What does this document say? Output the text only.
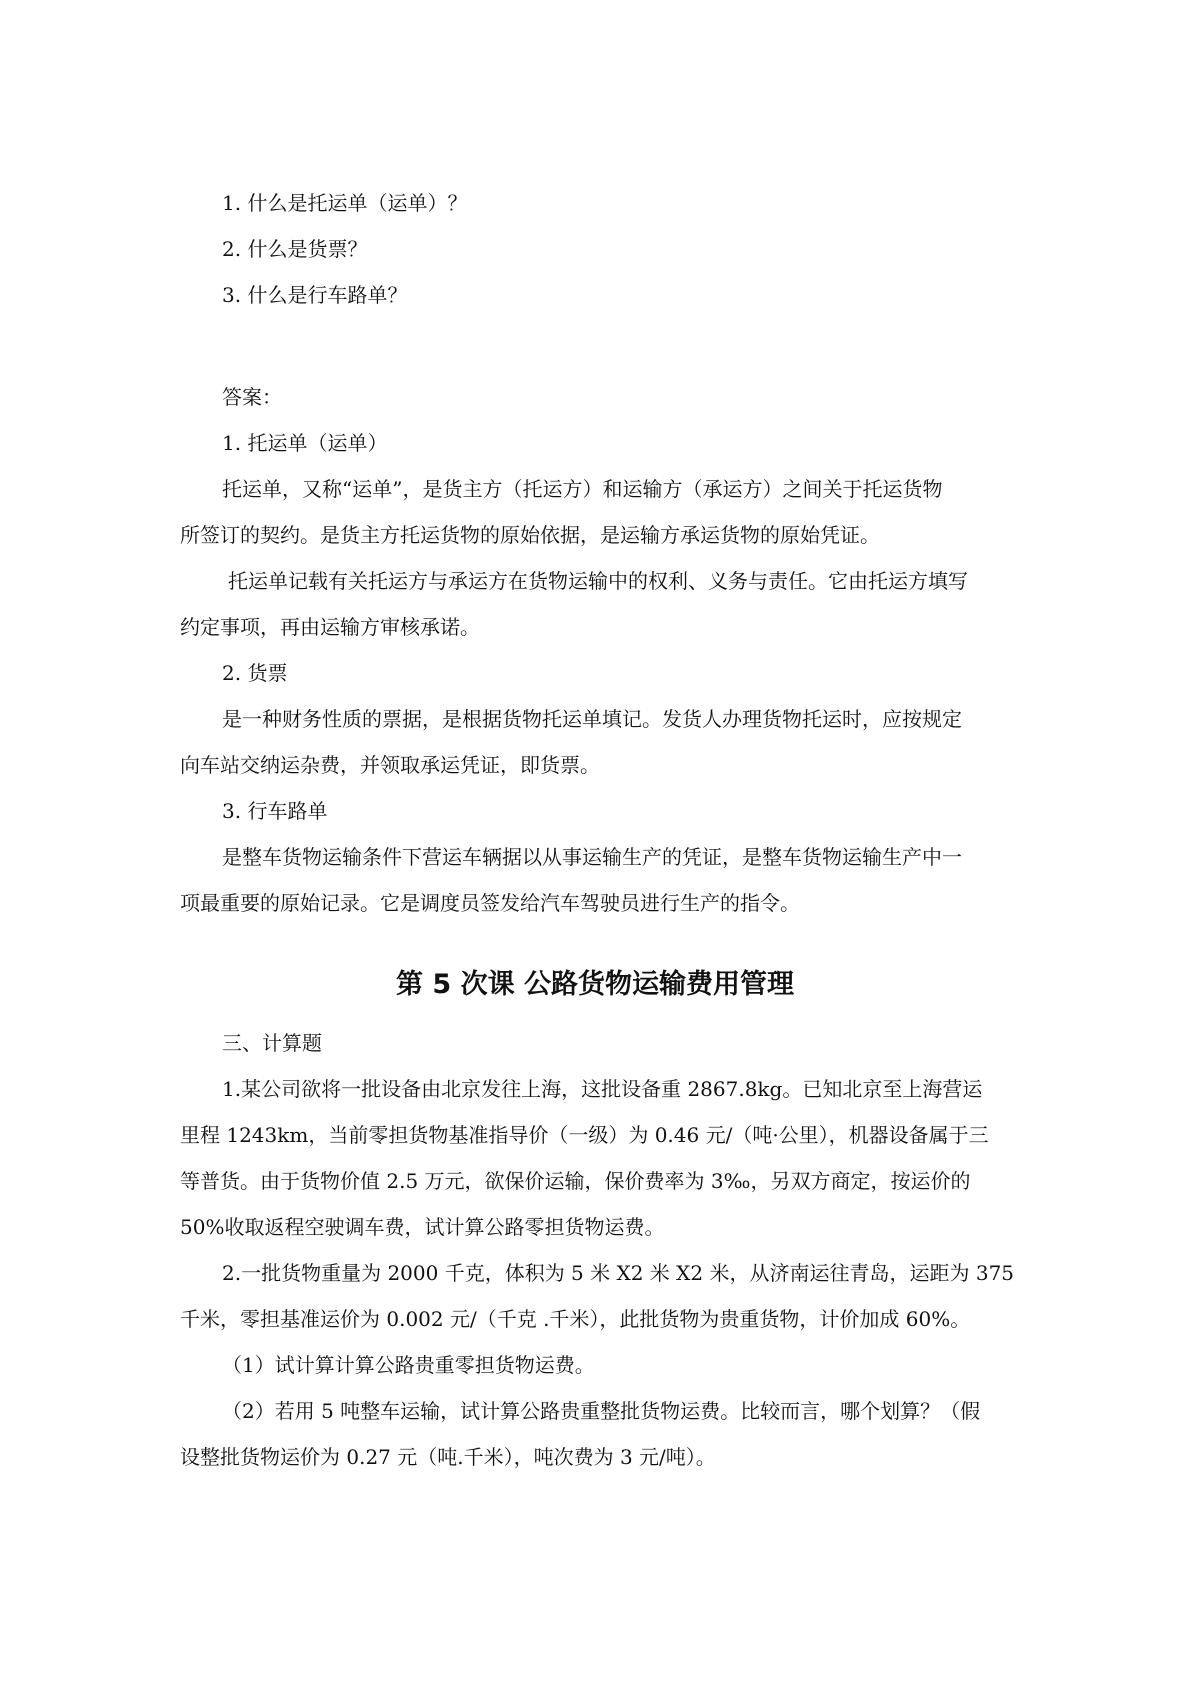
1. 什么是托运单（运单）？

2. 什么是货票？

3. 什么是行车路单？

答案：

1. 托运单（运单）

托运单，又称“运单”，是货主方（托运方）和运输方（承运方）之间关于托运货物

所签订的契约。是货主方托运货物的原始依据，是运输方承运货物的原始凭证。

托运单记载有关托运方与承运方在货物运输中的权利、义务与责任。它由托运方填写

约定事项，再由运输方审核承诺。

2. 货票

是一种财务性质的票据，是根据货物托运单填记。发货人办理货物托运时，应按规定

向车站交纳运杂费，并领取承运凭证，即货票。

3. 行车路单

是整车货物运输条件下营运车辆据以从事运输生产的凭证，是整车货物运输生产中一

项最重要的原始记录。它是调度员签发给汽车驾驶员进行生产的指令。

第 5 次课 公路货物运输费用管理

三、计算题

1.某公司欲将一批设备由北京发往上海，这批设备重 2867.8kg。已知北京至上海营运

里程 1243km，当前零担货物基准指导价（一级）为 0.46 元/（吨·公里），机器设备属于三

等普货。由于货物价值 2.5 万元，欲保价运输，保价费率为 3‰，另双方商定，按运价的

50%收取返程空驶调车费，试计算公路零担货物运费。

2.一批货物重量为 2000 千克，体积为 5 米 X2 米 X2 米，从济南运往青岛，运距为 375

千米，零担基准运价为 0.002 元/（千克 .千米），此批货物为贵重货物，计价加成 60%。

（1）试计算计算公路贵重零担货物运费。

（2）若用 5 吨整车运输，试计算公路贵重整批货物运费。比较而言，哪个划算？（假

设整批货物运价为 0.27 元（吨.千米），吨次费为 3 元/吨）。
